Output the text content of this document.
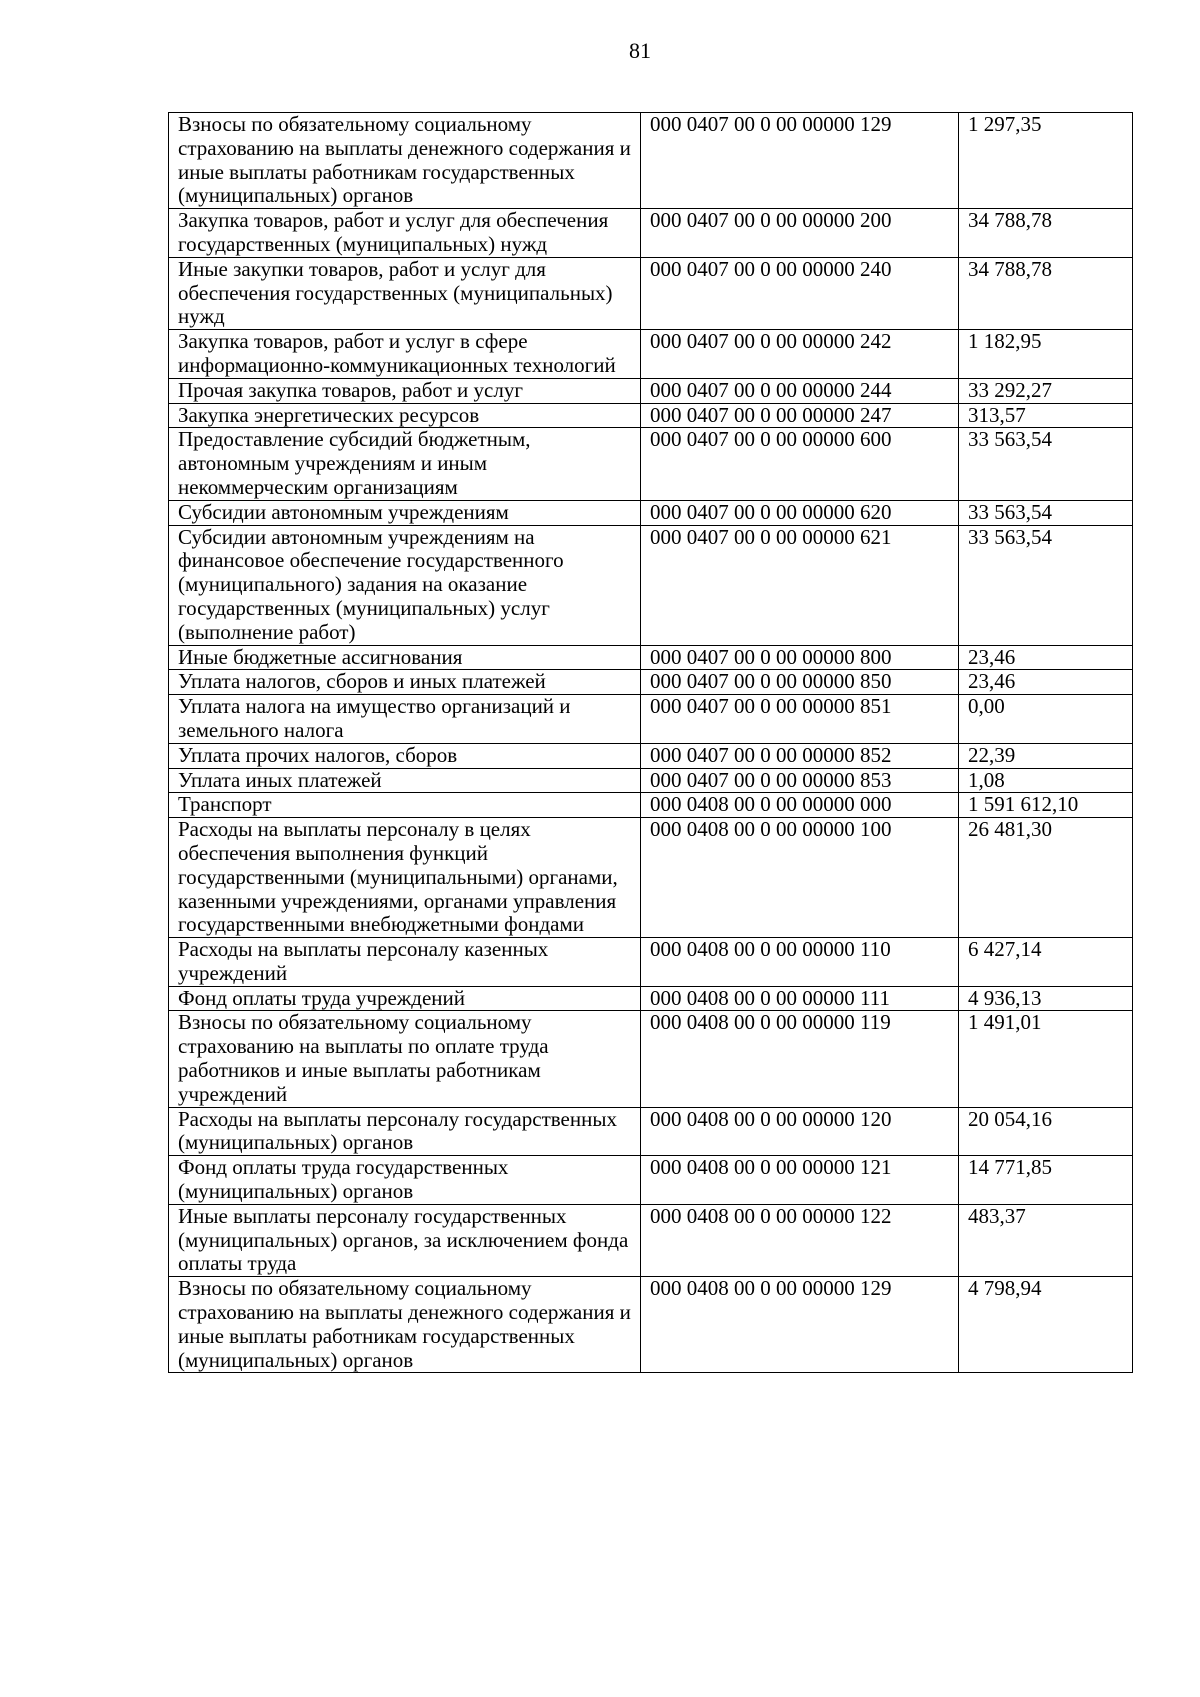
81
Взносы по обязательному социальному страхованию на выплаты денежного содержания и иные выплаты работникам государственных (муниципальных) органов	000 0407 00 0 00 00000 129	1 297,35
Закупка товаров, работ и услуг для обеспечения государственных (муниципальных) нужд	000 0407 00 0 00 00000 200	34 788,78
Иные закупки товаров, работ и услуг для обеспечения государственных (муниципальных) нужд	000 0407 00 0 00 00000 240	34 788,78
Закупка товаров, работ и услуг в сфере информационно-коммуникационных технологий	000 0407 00 0 00 00000 242	1 182,95
Прочая закупка товаров, работ и услуг	000 0407 00 0 00 00000 244	33 292,27
Закупка энергетических ресурсов	000 0407 00 0 00 00000 247	313,57
Предоставление субсидий бюджетным, автономным учреждениям и иным некоммерческим организациям	000 0407 00 0 00 00000 600	33 563,54
Субсидии автономным учреждениям	000 0407 00 0 00 00000 620	33 563,54
Субсидии автономным учреждениям на финансовое обеспечение государственного (муниципального) задания на оказание государственных (муниципальных) услуг (выполнение работ)	000 0407 00 0 00 00000 621	33 563,54
Иные бюджетные ассигнования	000 0407 00 0 00 00000 800	23,46
Уплата налогов, сборов и иных платежей	000 0407 00 0 00 00000 850	23,46
Уплата налога на имущество организаций и земельного налога	000 0407 00 0 00 00000 851	0,00
Уплата прочих налогов, сборов	000 0407 00 0 00 00000 852	22,39
Уплата иных платежей	000 0407 00 0 00 00000 853	1,08
Транспорт	000 0408 00 0 00 00000 000	1 591 612,10
Расходы на выплаты персоналу в целях обеспечения выполнения функций государственными (муниципальными) органами, казенными учреждениями, органами управления государственными внебюджетными фондами	000 0408 00 0 00 00000 100	26 481,30
Расходы на выплаты персоналу казенных учреждений	000 0408 00 0 00 00000 110	6 427,14
Фонд оплаты труда учреждений	000 0408 00 0 00 00000 111	4 936,13
Взносы по обязательному социальному страхованию на выплаты по оплате труда работников и иные выплаты работникам учреждений	000 0408 00 0 00 00000 119	1 491,01
Расходы на выплаты персоналу государственных (муниципальных) органов	000 0408 00 0 00 00000 120	20 054,16
Фонд оплаты труда государственных (муниципальных) органов	000 0408 00 0 00 00000 121	14 771,85
Иные выплаты персоналу государственных (муниципальных) органов, за исключением фонда оплаты труда	000 0408 00 0 00 00000 122	483,37
Взносы по обязательному социальному страхованию на выплаты денежного содержания и иные выплаты работникам государственных (муниципальных) органов	000 0408 00 0 00 00000 129	4 798,94
